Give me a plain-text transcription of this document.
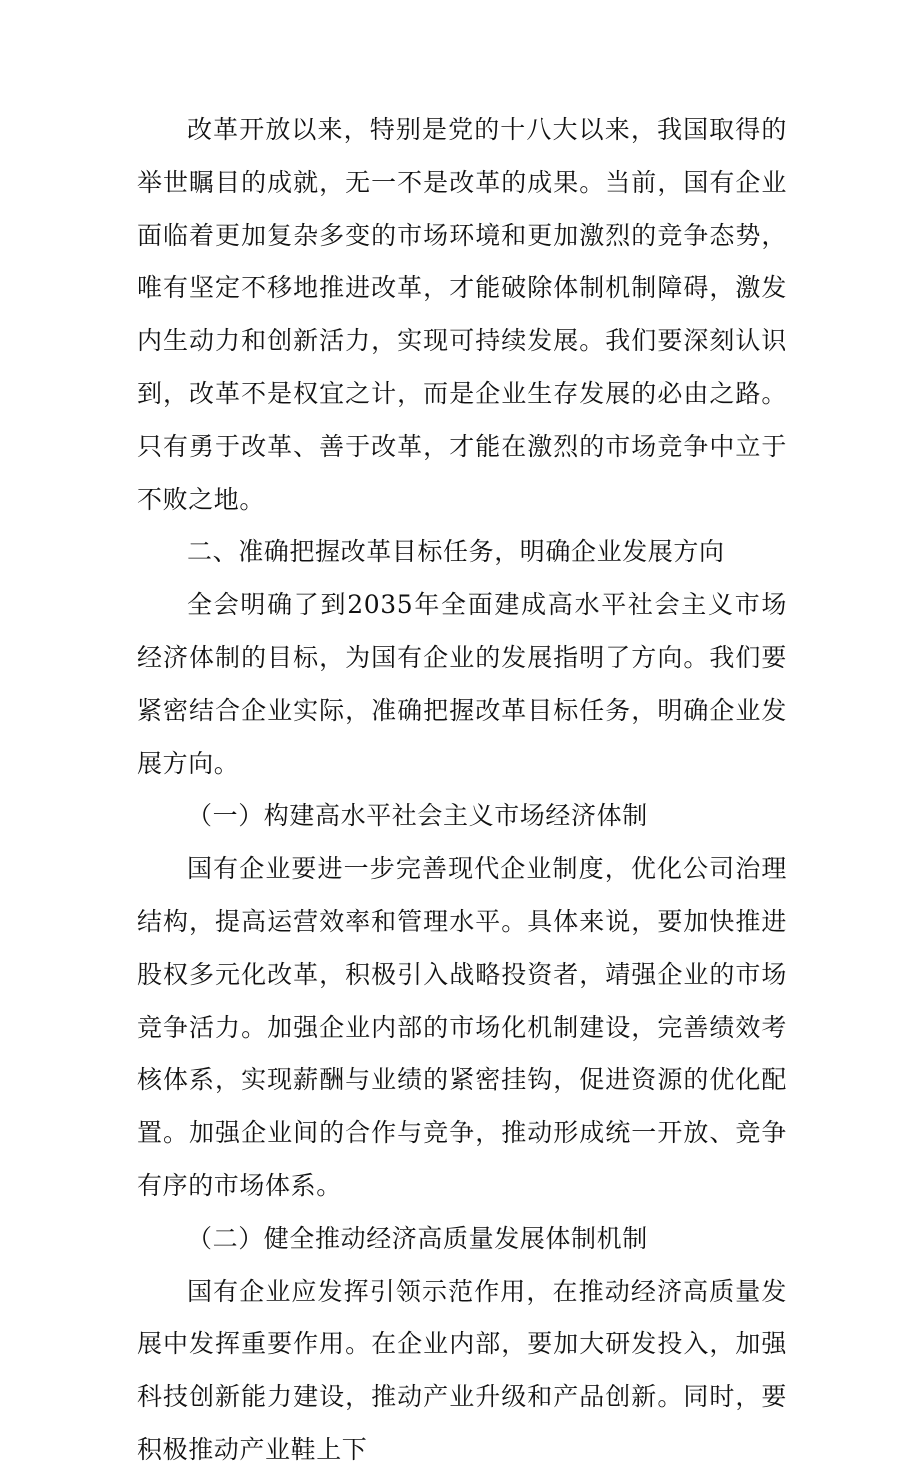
改革开放以来，特别是党的十八大以来，我国取得的举世瞩目的成就，无一不是改革的成果。当前，国有企业面临着更加复杂多变的市场环境和更加激烈的竞争态势，唯有坚定不移地推进改革，才能破除体制机制障碍，激发内生动力和创新活力，实现可持续发展。我们要深刻认识到，改革不是权宜之计，而是企业生存发展的必由之路。只有勇于改革、善于改革，才能在激烈的市场竞争中立于不败之地。

二、准确把握改革目标任务，明确企业发展方向

全会明确了到2035年全面建成高水平社会主义市场经济体制的目标，为国有企业的发展指明了方向。我们要紧密结合企业实际，准确把握改革目标任务，明确企业发展方向。

（一）构建高水平社会主义市场经济体制

国有企业要进一步完善现代企业制度，优化公司治理结构，提高运营效率和管理水平。具体来说，要加快推进股权多元化改革，积极引入战略投资者，靖强企业的市场竞争活力。加强企业内部的市场化机制建设，完善绩效考核体系，实现薪酬与业绩的紧密挂钩，促进资源的优化配置。加强企业间的合作与竞争，推动形成统一开放、竞争有序的市场体系。

（二）健全推动经济高质量发展体制机制

国有企业应发挥引领示范作用，在推动经济高质量发展中发挥重要作用。在企业内部，要加大研发投入，加强科技创新能力建设，推动产业升级和产品创新。同时，要积极推动产业鞋上下
